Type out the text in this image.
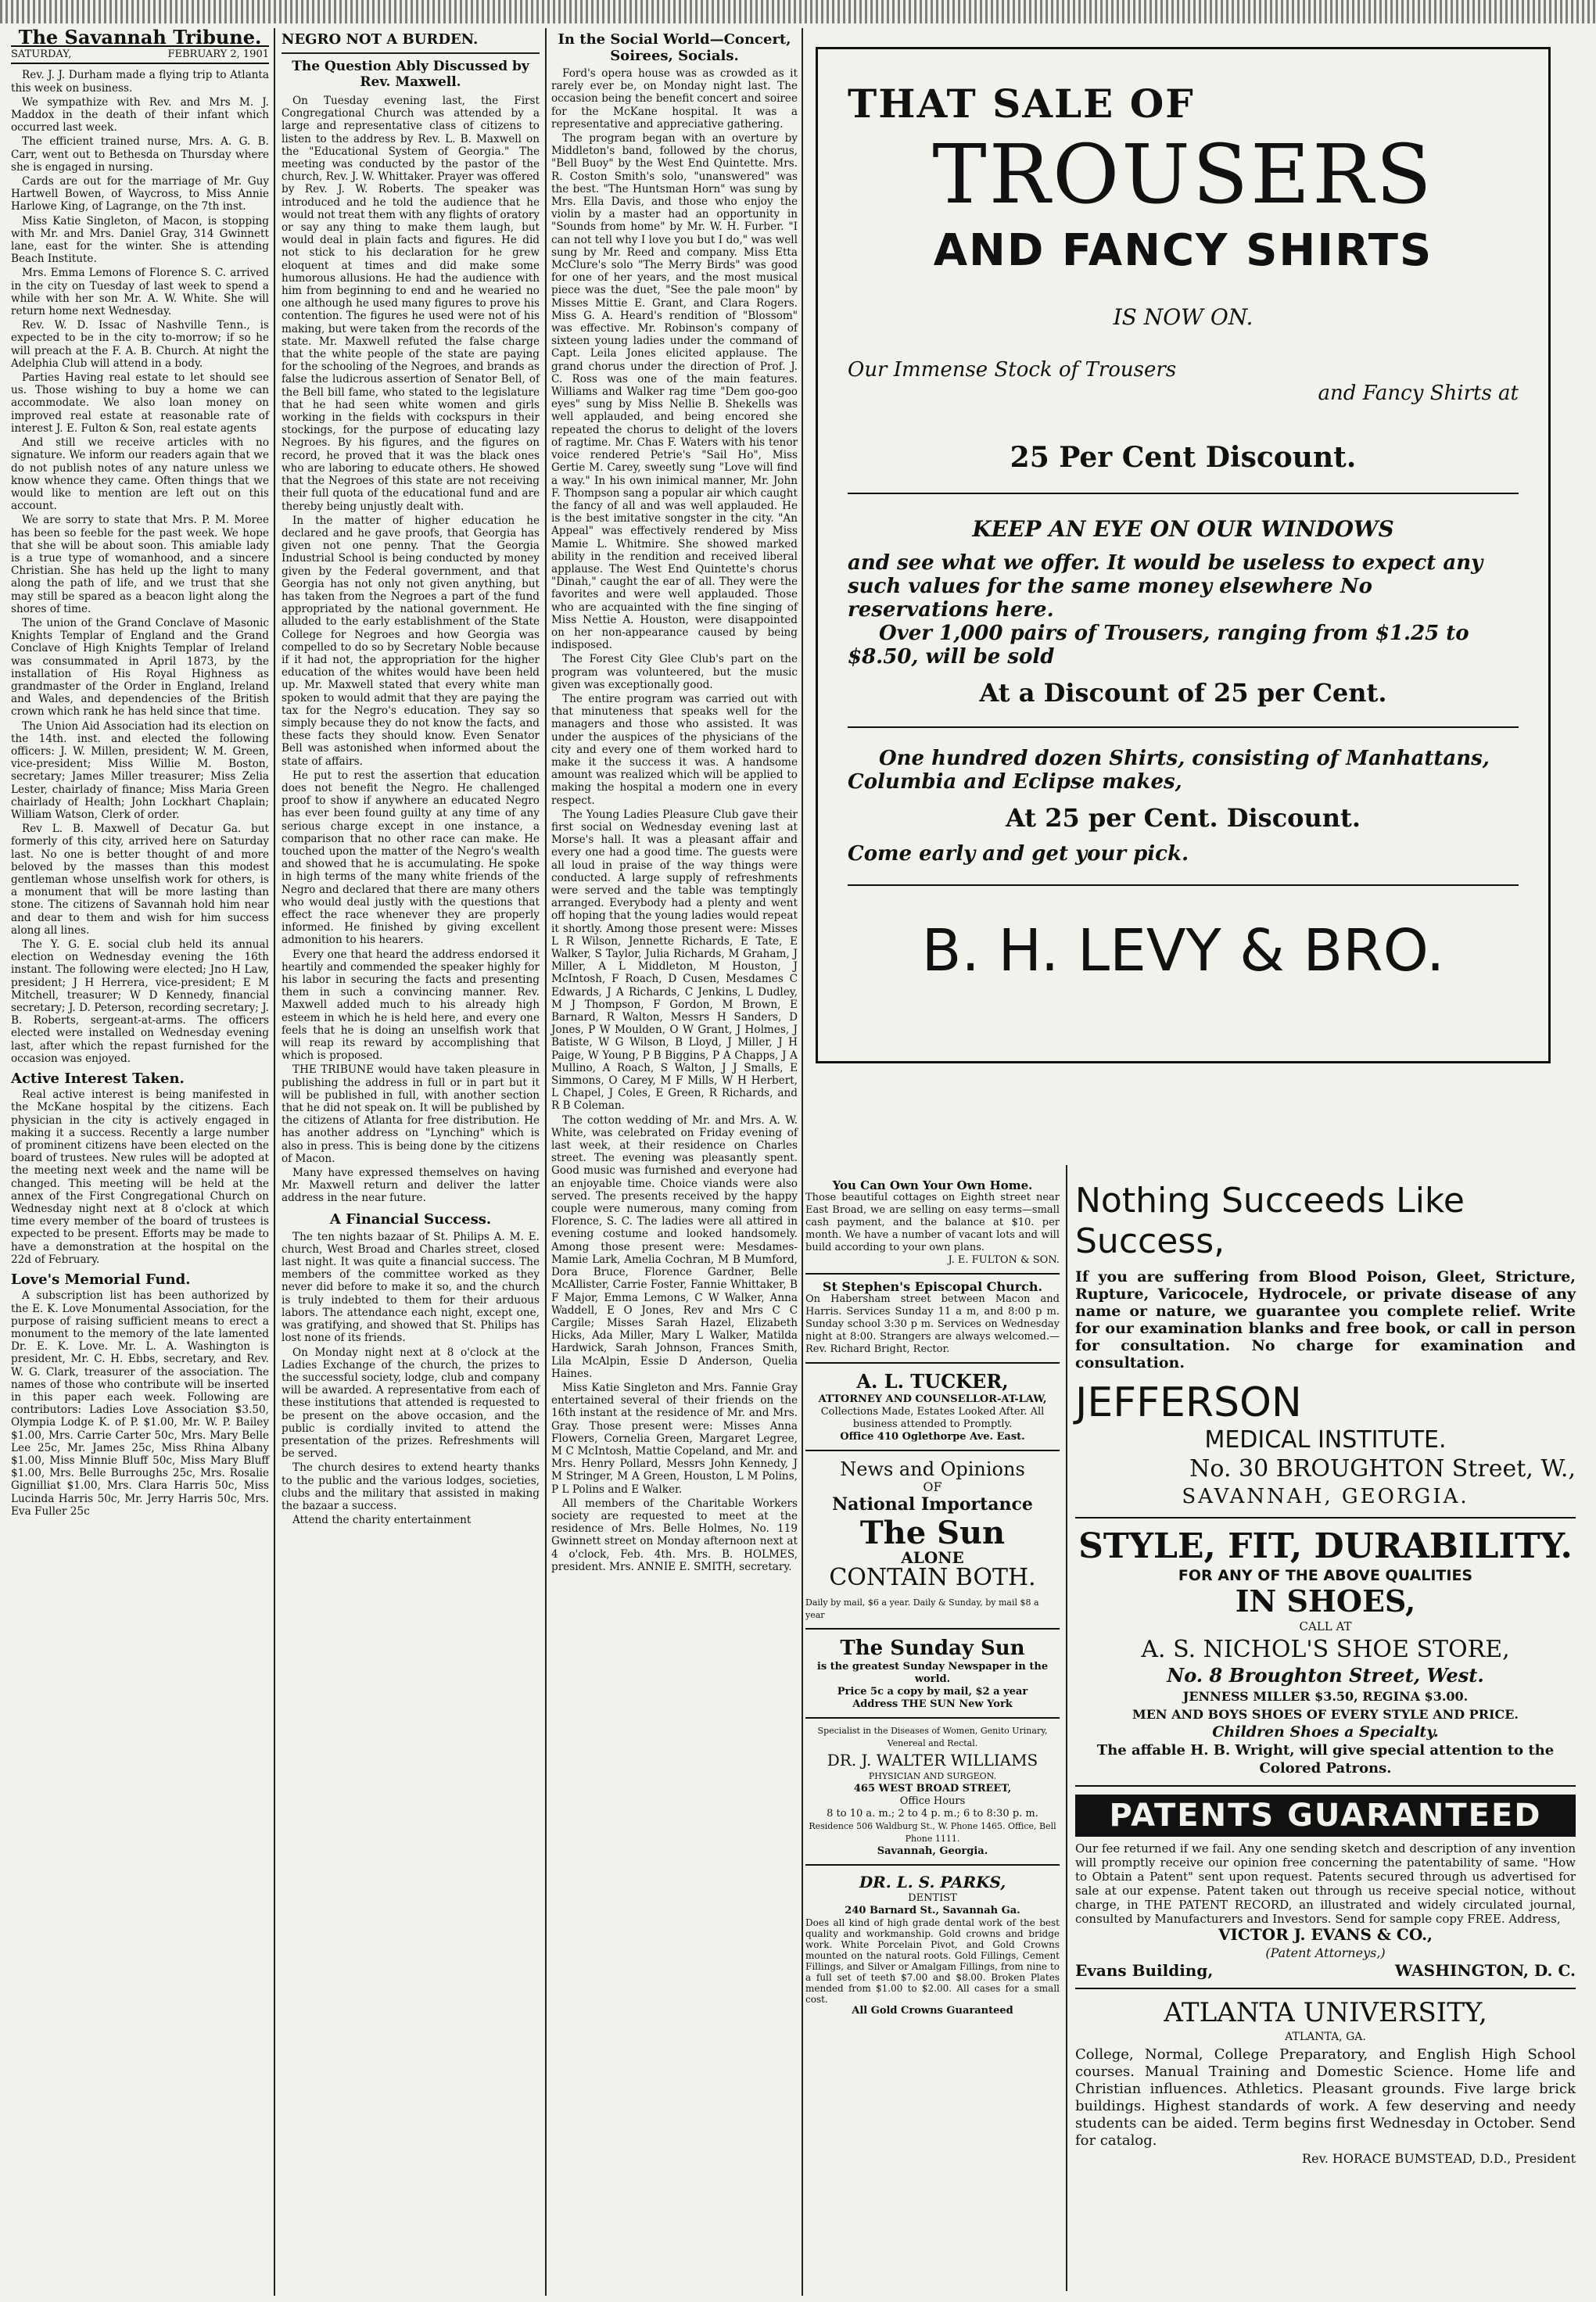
The Savannah Tribune.
SATURDAY,	FEBRUARY 2, 1901

Rev. J. J. Durham made a flying trip to Atlanta this week on business.

We sympathize with Rev. and Mrs M. J. Maddox in the death of their infant which occurred last week.

The efficient trained nurse, Mrs. A. G. B. Carr, went out to Bethesda on Thursday where she is engaged in nursing.

Cards are out for the marriage of Mr. Guy Hartwell Bowen, of Waycross, to Miss Annie Harlowe King, of Lagrange, on the 7th inst.

Miss Katie Singleton, of Macon, is stopping with Mr. and Mrs. Daniel Gray, 314 Gwinnett lane, east for the winter. She is attending Beach Institute.

Mrs. Emma Lemons of Florence S. C. arrived in the city on Tuesday of last week to spend a while with her son Mr. A. W. White. She will return home next Wednesday.

Rev. W. D. Issac of Nashville Tenn., is expected to be in the city to-morrow; if so he will preach at the F. A. B. Church. At night the Adelphia Club will attend in a body.

Parties Having real estate to let should see us. Those wishing to buy a home we can accommodate. We also loan money on improved real estate at reasonable rate of interest J. E. Fulton & Son, real estate agents

And still we receive articles with no signature. We inform our readers again that we do not publish notes of any nature unless we know whence they came. Often things that we would like to mention are left out on this account.

We are sorry to state that Mrs. P. M. Moree has been so feeble for the past week. We hope that she will be about soon. This amiable lady is a true type of womanhood, and a sincere Christian. She has held up the light to many along the path of life, and we trust that she may still be spared as a beacon light along the shores of time.

The union of the Grand Conclave of Masonic Knights Templar of England and the Grand Conclave of High Knights Templar of Ireland was consummated in April 1873, by the installation of His Royal Highness as grandmaster of the Order in England, Ireland and Wales, and dependencies of the British crown which rank he has held since that time.

The Union Aid Association had its election on the 14th. inst. and elected the following officers: J. W. Millen, president; W. M. Green, vice-president; Miss Willie M. Boston, secretary; James Miller treasurer; Miss Zelia Lester, chairlady of finance; Miss Maria Green chairlady of Health; John Lockhart Chaplain; William Watson, Clerk of order.

Rev L. B. Maxwell of Decatur Ga. but formerly of this city, arrived here on Saturday last. No one is better thought of and more beloved by the masses than this modest gentleman whose unselfish work for others, is a monument that will be more lasting than stone. The citizens of Savannah hold him near and dear to them and wish for him success along all lines.

The Y. G. E. social club held its annual election on Wednesday evening the 16th instant. The following were elected; Jno H Law, president; J H Herrera, vice-president; E M Mitchell, treasurer; W D Kennedy, financial secretary; J. D. Peterson, recording secretary; J. B. Roberts, sergeant-at-arms. The officers elected were installed on Wednesday evening last, after which the repast furnished for the occasion was enjoyed.

Active Interest Taken.

Real active interest is being manifested in the McKane hospital by the citizens. Each physician in the city is actively engaged in making it a success. Recently a large number of prominent citizens have been elected on the board of trustees. New rules will be adopted at the meeting next week and the name will be changed. This meeting will be held at the annex of the First Congregational Church on Wednesday night next at 8 o'clock at which time every member of the board of trustees is expected to be present. Efforts may be made to have a demonstration at the hospital on the 22d of February.

Love's Memorial Fund.

A subscription list has been authorized by the E. K. Love Monumental Association, for the purpose of raising sufficient means to erect a monument to the memory of the late lamented Dr. E. K. Love. Mr. L. A. Washington is president, Mr. C. H. Ebbs, secretary, and Rev. W. G. Clark, treasurer of the association. The names of those who contribute will be inserted in this paper each week. Following are contributors: Ladies Love Association $3.50, Olympia Lodge K. of P. $1.00, Mr. W. P. Bailey $1.00, Mrs. Carrie Carter 50c, Mrs. Mary Belle Lee 25c, Mr. James 25c, Miss Rhina Albany $1.00, Miss Minnie Bluff 50c, Miss Mary Bluff $1.00, Mrs. Belle Burroughs 25c, Mrs. Rosalie Gignilliat $1.00, Mrs. Clara Harris 50c, Miss Lucinda Harris 50c, Mr. Jerry Harris 50c, Mrs. Eva Fuller 25c

NEGRO NOT A BURDEN.
The Question Ably Discussed by Rev. Maxwell.

On Tuesday evening last, the First Congregational Church was attended by a large and representative class of citizens to listen to the address by Rev. L. B. Maxwell on the "Educational System of Georgia." The meeting was conducted by the pastor of the church, Rev. J. W. Whittaker. Prayer was offered by Rev. J. W. Roberts. The speaker was introduced and he told the audience that he would not treat them with any flights of oratory or say any thing to make them laugh, but would deal in plain facts and figures. He did not stick to his declaration for he grew eloquent at times and did make some humorous allusions. He had the audience with him from beginning to end and he wearied no one although he used many figures to prove his contention. The figures he used were not of his making, but were taken from the records of the state. Mr. Maxwell refuted the false charge that the white people of the state are paying for the schooling of the Negroes, and brands as false the ludicrous assertion of Senator Bell, of the Bell bill fame, who stated to the legislature that he had seen white women and girls working in the fields with cockspurs in their stockings, for the purpose of educating lazy Negroes. By his figures, and the figures on record, he proved that it was the black ones who are laboring to educate others. He showed that the Negroes of this state are not receiving their full quota of the educational fund and are thereby being unjustly dealt with.

In the matter of higher education he declared and he gave proofs, that Georgia has given not one penny. That the Georgia Industrial School is being conducted by money given by the Federal government, and that Georgia has not only not given anything, but has taken from the Negroes a part of the fund appropriated by the national government. He alluded to the early establishment of the State College for Negroes and how Georgia was compelled to do so by Secretary Noble because if it had not, the appropriation for the higher education of the whites would have been held up. Mr. Maxwell stated that every white man spoken to would admit that they are paying the tax for the Negro's education. They say so simply because they do not know the facts, and these facts they should know. Even Senator Bell was astonished when informed about the state of affairs.

He put to rest the assertion that education does not benefit the Negro. He challenged proof to show if anywhere an educated Negro has ever been found guilty at any time of any serious charge except in one instance, a comparison that no other race can make. He touched upon the matter of the Negro's wealth and showed that he is accumulating. He spoke in high terms of the many white friends of the Negro and declared that there are many others who would deal justly with the questions that effect the race whenever they are properly informed. He finished by giving excellent admonition to his hearers.

Every one that heard the address endorsed it heartily and commended the speaker highly for his labor in securing the facts and presenting them in such a convincing manner. Rev. Maxwell added much to his already high esteem in which he is held here, and every one feels that he is doing an unselfish work that will reap its reward by accomplishing that which is proposed.

THE TRIBUNE would have taken pleasure in publishing the address in full or in part but it will be published in full, with another section that he did not speak on. It will be published by the citizens of Atlanta for free distribution. He has another address on "Lynching" which is also in press. This is being done by the citizens of Macon.

Many have expressed themselves on having Mr. Maxwell return and deliver the latter address in the near future.

A Financial Success.

The ten nights bazaar of St. Philips A. M. E. church, West Broad and Charles street, closed last night. It was quite a financial success. The members of the committee worked as they never did before to make it so, and the church is truly indebted to them for their arduous labors. The attendance each night, except one, was gratifying, and showed that St. Philips has lost none of its friends.

On Monday night next at 8 o'clock at the Ladies Exchange of the church, the prizes to the successful society, lodge, club and company will be awarded. A representative from each of these institutions that attended is requested to be present on the above occasion, and the public is cordially invited to attend the presentation of the prizes. Refreshments will be served.

The church desires to extend hearty thanks to the public and the various lodges, societies, clubs and the military that assisted in making the bazaar a success.

Attend the charity entertainment

In the Social World—Concert, Soirees, Socials.

Ford's opera house was as crowded as it rarely ever be, on Monday night last. The occasion being the benefit concert and soiree for the McKane hospital. It was a representative and appreciative gathering.

The program began with an overture by Middleton's band, followed by the chorus, "Bell Buoy" by the West End Quintette. Mrs. R. Coston Smith's solo, "unanswered" was the best. "The Huntsman Horn" was sung by Mrs. Ella Davis, and those who enjoy the violin by a master had an opportunity in "Sounds from home" by Mr. W. H. Furber. "I can not tell why I love you but I do," was well sung by Mr. Reed and company. Miss Etta McClure's solo "The Merry Birds" was good for one of her years, and the most musical piece was the duet, "See the pale moon" by Misses Mittie E. Grant, and Clara Rogers. Miss G. A. Heard's rendition of "Blossom" was effective. Mr. Robinson's company of sixteen young ladies under the command of Capt. Leila Jones elicited applause. The grand chorus under the direction of Prof. J. C. Ross was one of the main features. Williams and Walker rag time "Dem goo-goo eyes" sung by Miss Nellie B. Shekells was well applauded, and being encored she repeated the chorus to delight of the lovers of ragtime. Mr. Chas F. Waters with his tenor voice rendered Petrie's "Sail Ho", Miss Gertie M. Carey, sweetly sung "Love will find a way." In his own inimical manner, Mr. John F. Thompson sang a popular air which caught the fancy of all and was well applauded. He is the best imitative songster in the city. "An Appeal" was effectively rendered by Miss Mamie L. Whitmire. She showed marked ability in the rendition and received liberal applause. The West End Quintette's chorus "Dinah," caught the ear of all. They were the favorites and were well applauded. Those who are acquainted with the fine singing of Miss Nettie A. Houston, were disappointed on her non-appearance caused by being indisposed.

The Forest City Glee Club's part on the program was volunteered, but the music given was exceptionally good.

The entire program was carried out with that minuteness that speaks well for the managers and those who assisted. It was under the auspices of the physicians of the city and every one of them worked hard to make it the success it was. A handsome amount was realized which will be applied to making the hospital a modern one in every respect.

The Young Ladies Pleasure Club gave their first social on Wednesday evening last at Morse's hall. It was a pleasant affair and every one had a good time. The guests were all loud in praise of the way things were conducted. A large supply of refreshments were served and the table was temptingly arranged. Everybody had a plenty and went off hoping that the young ladies would repeat it shortly. Among those present were: Misses L R Wilson, Jennette Richards, E Tate, E Walker, S Taylor, Julia Richards, M Graham, J Miller, A L Middleton, M Houston, J McIntosh, F Roach, D Cusen, Mesdames C Edwards, J A Richards, C Jenkins, L Dudley, M J Thompson, F Gordon, M Brown, E Barnard, R Walton, Messrs H Sanders, D Jones, P W Moulden, O W Grant, J Holmes, J Batiste, W G Wilson, B Lloyd, J Miller, J H Paige, W Young, P B Biggins, P A Chapps, J A Mullino, A Roach, S Walton, J J Smalls, E Simmons, O Carey, M F Mills, W H Herbert, L Chapel, J Coles, E Green, R Richards, and R B Coleman.

The cotton wedding of Mr. and Mrs. A. W. White, was celebrated on Friday evening of last week, at their residence on Charles street. The evening was pleasantly spent. Good music was furnished and everyone had an enjoyable time. Choice viands were also served. The presents received by the happy couple were numerous, many coming from Florence, S. C. The ladies were all attired in evening costume and looked handsomely. Among those present were: Mesdames-Mamie Lark, Amelia Cochran, M B Mumford, Dora Bruce, Florence Gardner, Belle McAllister, Carrie Foster, Fannie Whittaker, B F Major, Emma Lemons, C W Walker, Anna Waddell, E O Jones, Rev and Mrs C C Cargile; Misses Sarah Hazel, Elizabeth Hicks, Ada Miller, Mary L Walker, Matilda Hardwick, Sarah Johnson, Frances Smith, Lila McAlpin, Essie D Anderson, Quelia Haines.

Miss Katie Singleton and Mrs. Fannie Gray entertained several of their friends on the 16th instant at the residence of Mr. and Mrs. Gray. Those present were: Misses Anna Flowers, Cornelia Green, Margaret Legree, M C McIntosh, Mattie Copeland, and Mr. and Mrs. Henry Pollard, Messrs John Kennedy, J M Stringer, M A Green, Houston, L M Polins, P L Polins and E Walker.

All members of the Charitable Workers society are requested to meet at the residence of Mrs. Belle Holmes, No. 119 Gwinnett street on Monday afternoon next at 4 o'clock, Feb. 4th. Mrs. B. HOLMES, president. Mrs. ANNIE E. SMITH, secretary.

THAT SALE OF
TROUSERS
AND FANCY SHIRTS
IS NOW ON.
Our Immense Stock of Trousers
and Fancy Shirts at
25 Per Cent Discount.
KEEP AN EYE ON OUR WINDOWS
and see what we offer. It would be useless to expect any such values for the same money elsewhere No reservations here.
Over 1,000 pairs of Trousers, ranging from $1.25 to $8.50, will be sold
At a Discount of 25 per Cent.
One hundred dozen Shirts, consisting of Manhattans, Columbia and Eclipse makes,
At 25 per Cent. Discount.
Come early and get your pick.
B. H. LEVY & BRO.
You Can Own Your Own Home.
Those beautiful cottages on Eighth street near East Broad, we are selling on easy terms—small cash payment, and the balance at $10. per month. We have a number of vacant lots and will build according to your own plans.
J. E. FULTON & SON.
St Stephen's Episcopal Church.
On Habersham street between Macon and Harris. Services Sunday 11 a m, and 8:00 p m. Sunday school 3:30 p m. Services on Wednesday night at 8:00. Strangers are always welcomed.—Rev. Richard Bright, Rector.
A. L. TUCKER,
ATTORNEY AND COUNSELLOR-AT-LAW,
Collections Made, Estates Looked After. All business attended to Promptly.
Office 410 Oglethorpe Ave. East.
News and Opinions
OF
National Importance
The Sun
ALONE
CONTAIN BOTH.
Daily by mail, $6 a year. Daily & Sunday, by mail $8 a year
The Sunday Sun
is the greatest Sunday Newspaper in the world.
Price 5c a copy by mail, $2 a year
Address THE SUN New York
Specialist in the Diseases of Women, Genito Urinary, Venereal and Rectal.
DR. J. WALTER WILLIAMS
PHYSICIAN AND SURGEON.
465 WEST BROAD STREET,
Office Hours
8 to 10 a. m.; 2 to 4 p. m.; 6 to 8:30 p. m.
Residence 506 Waldburg St., W. Phone 1465. Office, Bell Phone 1111.
Savannah, Georgia.
DR. L. S. PARKS,
DENTIST
240 Barnard St., Savannah Ga.
Does all kind of high grade dental work of the best quality and workmanship. Gold crowns and bridge work. White Porcelain Pivot, and Gold Crowns mounted on the natural roots. Gold Fillings, Cement Fillings, and Silver or Amalgam Fillings, from nine to a full set of teeth $7.00 and $8.00. Broken Plates mended from $1.00 to $2.00. All cases for a small cost.
All Gold Crowns Guaranteed
Nothing Succeeds Like Success,
If you are suffering from Blood Poison, Gleet, Stricture, Rupture, Varicocele, Hydrocele, or private disease of any name or nature, we guarantee you complete relief. Write for our examination blanks and free book, or call in person for consultation. No charge for examination and consultation.
JEFFERSON
MEDICAL INSTITUTE.
No. 30 BROUGHTON Street, W.,
SAVANNAH, GEORGIA.
STYLE, FIT, DURABILITY.
FOR ANY OF THE ABOVE QUALITIES
IN SHOES,
CALL AT
A. S. NICHOL'S SHOE STORE,
No. 8 Broughton Street, West.
JENNESS MILLER $3.50, REGINA $3.00.
MEN AND BOYS SHOES OF EVERY STYLE AND PRICE.
Children Shoes a Specialty.
The affable H. B. Wright, will give special attention to the Colored Patrons.
PATENTS GUARANTEED
Our fee returned if we fail. Any one sending sketch and description of any invention will promptly receive our opinion free concerning the patentability of same. "How to Obtain a Patent" sent upon request. Patents secured through us advertised for sale at our expense. Patent taken out through us receive special notice, without charge, in THE PATENT RECORD, an illustrated and widely circulated journal, consulted by Manufacturers and Investors. Send for sample copy FREE. Address,
VICTOR J. EVANS & CO.,
(Patent Attorneys,)
Evans Building,	WASHINGTON, D. C.
ATLANTA UNIVERSITY,
ATLANTA, GA.
College, Normal, College Preparatory, and English High School courses. Manual Training and Domestic Science. Home life and Christian influences. Athletics. Pleasant grounds. Five large brick buildings. Highest standards of work. A few deserving and needy students can be aided. Term begins first Wednesday in October. Send for catalog.
Rev. HORACE BUMSTEAD, D.D., President
